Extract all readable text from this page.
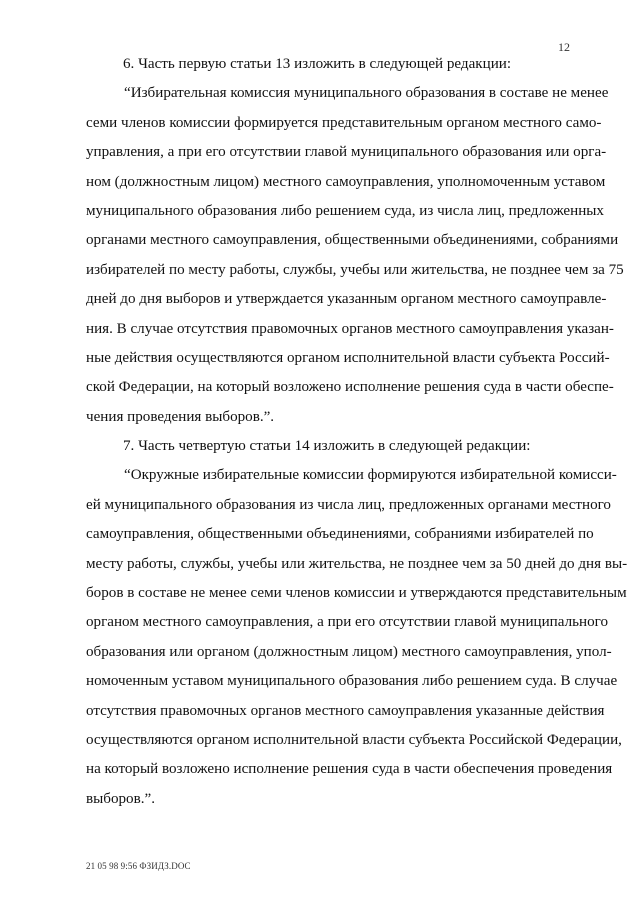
12
6. Часть первую статьи 13 изложить в следующей редакции:
“Избирательная комиссия муниципального образования в составе не менее
семи членов комиссии формируется представительным органом местного само-
управления, а при его отсутствии главой муниципального образования или орга-
ном (должностным лицом) местного самоуправления, уполномоченным уставом
муниципального образования либо решением суда, из числа лиц, предложенных
органами местного самоуправления, общественными объединениями, собраниями
избирателей по месту работы, службы, учебы или жительства, не позднее чем за 75
дней до дня выборов и утверждается указанным органом местного самоуправле-
ния. В случае отсутствия правомочных органов местного самоуправления указан-
ные действия осуществляются органом исполнительной власти субъекта Россий-
ской Федерации, на который возложено исполнение решения суда в части обеспе-
чения проведения выборов.”.
7. Часть четвертую статьи 14 изложить в следующей редакции:
“Окружные избирательные комиссии формируются избирательной комисси-
ей муниципального образования из числа лиц, предложенных органами местного
самоуправления, общественными объединениями, собраниями избирателей по
месту работы, службы, учебы или жительства, не позднее чем за 50 дней до дня вы-
боров в составе не менее семи членов комиссии и утверждаются представительным
органом местного самоуправления, а при его отсутствии главой муниципального
образования или органом (должностным лицом) местного самоуправления, упол-
номоченным уставом муниципального образования либо решением суда. В случае
отсутствия правомочных органов местного самоуправления указанные действия
осуществляются органом исполнительной власти субъекта Российской Федерации,
на который возложено исполнение решения суда в части обеспечения проведения
выборов.”.
21 05 98 9:56 ФЗИДЗ.DOC
